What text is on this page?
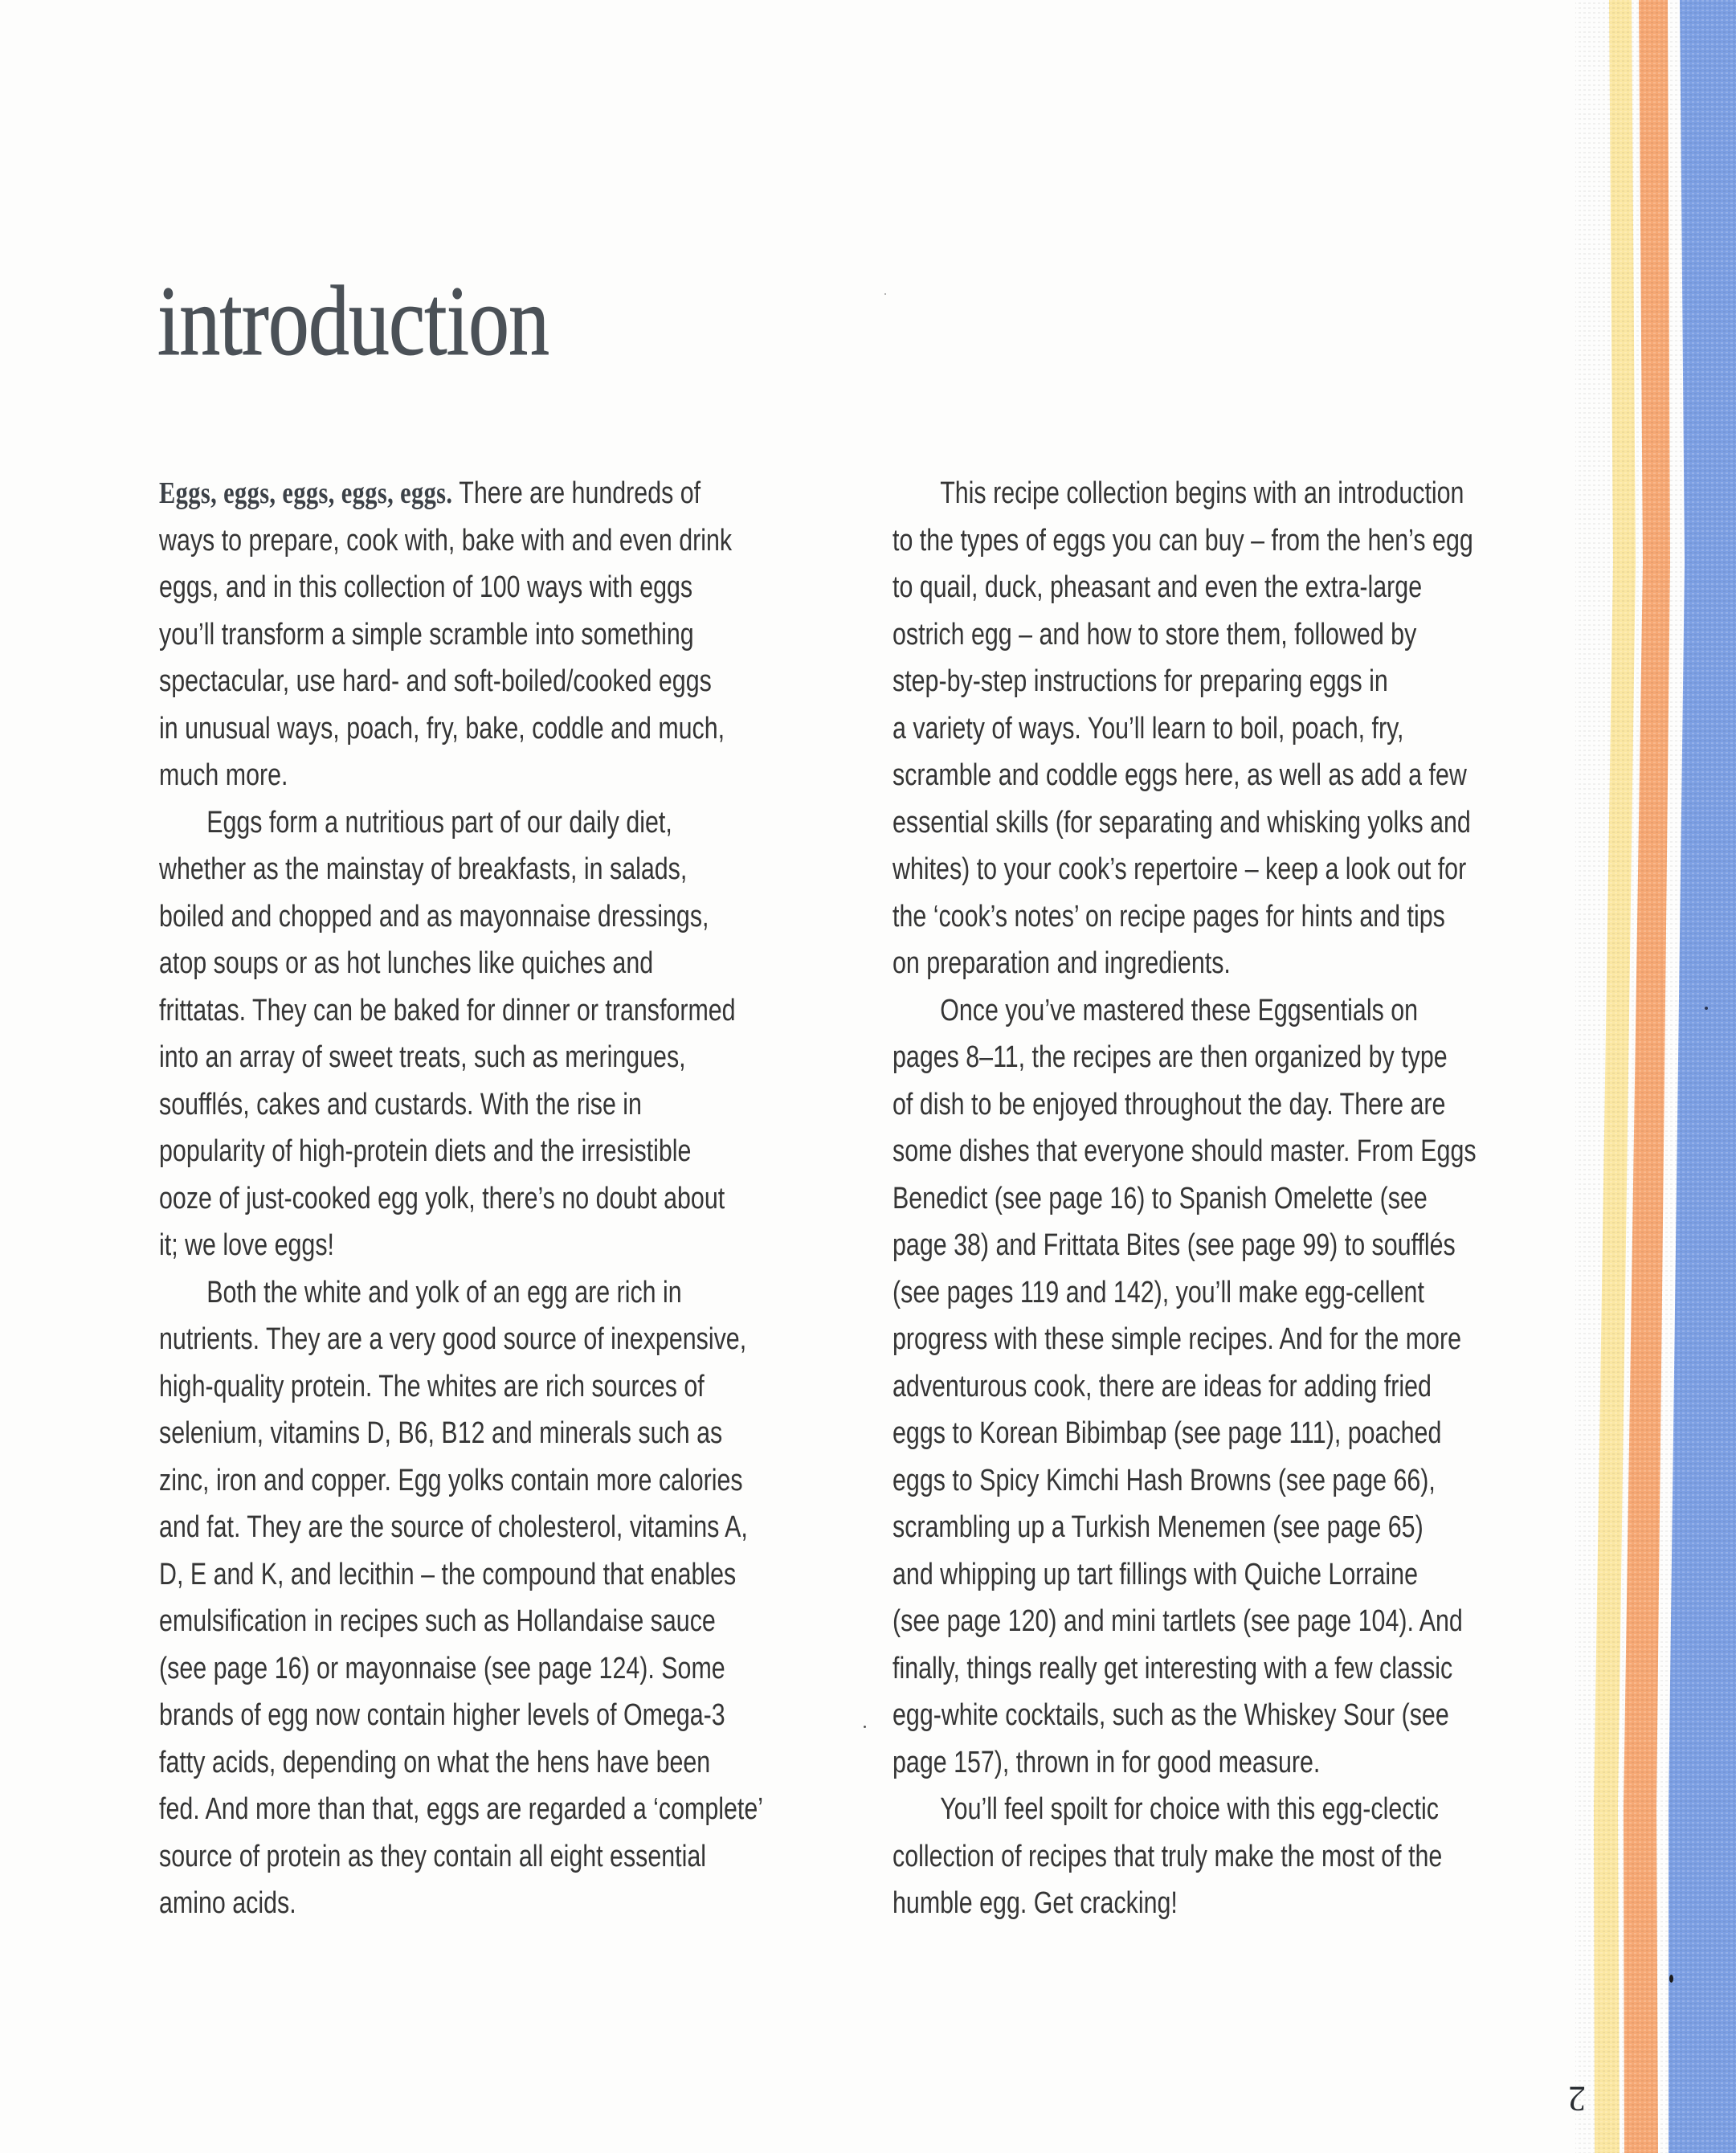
introduction
Eggs, eggs, eggs, eggs, eggs. There are hundreds of
ways to prepare, cook with, bake with and even drink
eggs, and in this collection of 100 ways with eggs
you’ll transform a simple scramble into something
spectacular, use hard- and soft-boiled/cooked eggs
in unusual ways, poach, fry, bake, coddle and much,
much more.
Eggs form a nutritious part of our daily diet,
whether as the mainstay of breakfasts, in salads,
boiled and chopped and as mayonnaise dressings,
atop soups or as hot lunches like quiches and
frittatas. They can be baked for dinner or transformed
into an array of sweet treats, such as meringues,
soufflés, cakes and custards. With the rise in
popularity of high-protein diets and the irresistible
ooze of just-cooked egg yolk, there’s no doubt about
it; we love eggs!
Both the white and yolk of an egg are rich in
nutrients. They are a very good source of inexpensive,
high-quality protein. The whites are rich sources of
selenium, vitamins D, B6, B12 and minerals such as
zinc, iron and copper. Egg yolks contain more calories
and fat. They are the source of cholesterol, vitamins A,
D, E and K, and lecithin – the compound that enables
emulsification in recipes such as Hollandaise sauce
(see page 16) or mayonnaise (see page 124). Some
brands of egg now contain higher levels of Omega-3
fatty acids, depending on what the hens have been
fed. And more than that, eggs are regarded a ‘complete’
source of protein as they contain all eight essential
amino acids.
This recipe collection begins with an introduction
to the types of eggs you can buy – from the hen’s egg
to quail, duck, pheasant and even the extra-large
ostrich egg – and how to store them, followed by
step-by-step instructions for preparing eggs in
a variety of ways. You’ll learn to boil, poach, fry,
scramble and coddle eggs here, as well as add a few
essential skills (for separating and whisking yolks and
whites) to your cook’s repertoire – keep a look out for
the ‘cook’s notes’ on recipe pages for hints and tips
on preparation and ingredients.
Once you’ve mastered these Eggsentials on
pages 8–11, the recipes are then organized by type
of dish to be enjoyed throughout the day. There are
some dishes that everyone should master. From Eggs
Benedict (see page 16) to Spanish Omelette (see
page 38) and Frittata Bites (see page 99) to soufflés
(see pages 119 and 142), you’ll make egg-cellent
progress with these simple recipes. And for the more
adventurous cook, there are ideas for adding fried
eggs to Korean Bibimbap (see page 111), poached
eggs to Spicy Kimchi Hash Browns (see page 66),
scrambling up a Turkish Menemen (see page 65)
and whipping up tart fillings with Quiche Lorraine
(see page 120) and mini tartlets (see page 104). And
finally, things really get interesting with a few classic
egg-white cocktails, such as the Whiskey Sour (see
page 157), thrown in for good measure.
You’ll feel spoilt for choice with this egg-clectic
collection of recipes that truly make the most of the
humble egg. Get cracking!
2
